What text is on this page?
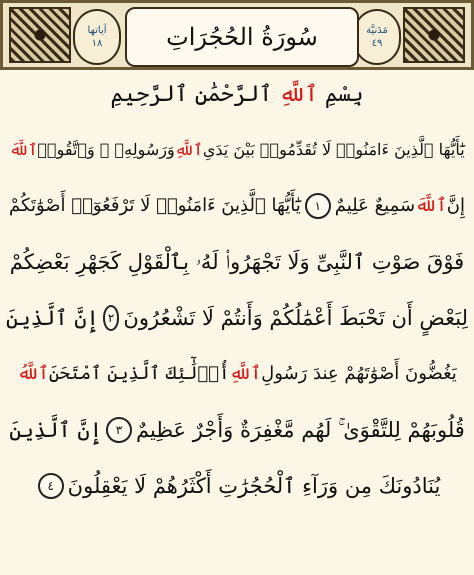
مَدَنيَّة
٤٩
سُورَةُ الحُجُرَاتِ
آياتها
١٨
بِسْمِ ٱللَّهِ ٱلرَّحْمَٰنِ ٱلرَّحِيمِ
يَٰٓأَيُّهَا ٱلَّذِينَ ءَامَنُوا۟ لَا تُقَدِّمُوا۟ بَيْنَ يَدَىِ
ٱللَّهِ
وَرَسُولِهِۦ ۖ وَٱتَّقُوا۟
ٱللَّهَ
إِنَّ
ٱللَّهَ
سَمِيعٌ عَلِيمٌ
١
يَٰٓأَيُّهَا ٱلَّذِينَ ءَامَنُوا۟ لَا تَرْفَعُوٓا۟ أَصْوَٰتَكُمْ
فَوْقَ صَوْتِ ٱلنَّبِىِّ وَلَا تَجْهَرُوا۟ لَهُۥ بِٱلْقَوْلِ كَجَهْرِ بَعْضِكُمْ
لِبَعْضٍ أَن تَحْبَطَ أَعْمَٰلُكُمْ وَأَنتُمْ لَا تَشْعُرُونَ
٢
إِنَّ ٱلَّذِينَ
يَغُضُّونَ أَصْوَٰتَهُمْ عِندَ رَسُولِ
ٱللَّهِ
أُو۟لَٰٓئِكَ ٱلَّذِينَ ٱمْتَحَنَ
ٱللَّهُ
قُلُوبَهُمْ لِلتَّقْوَىٰ ۚ لَهُم مَّغْفِرَةٌ وَأَجْرٌ عَظِيمٌ
٣
إِنَّ ٱلَّذِينَ
يُنَادُونَكَ مِن وَرَآءِ ٱلْحُجُرَٰتِ أَكْثَرُهُمْ لَا يَعْقِلُونَ
٤
